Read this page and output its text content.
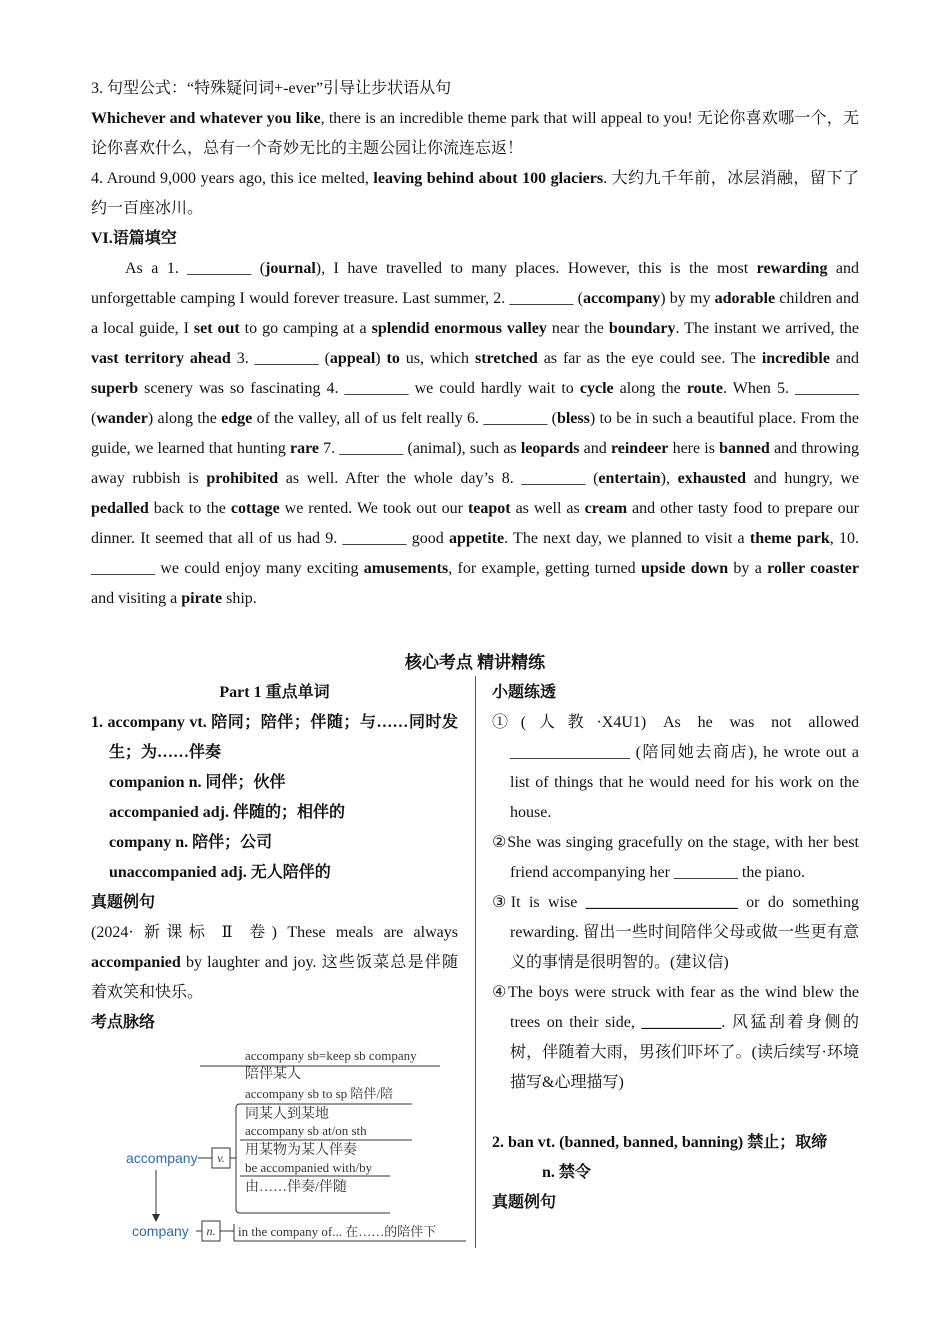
3. 句型公式：“特殊疑问词+-ever”引导让步状语从句

Whichever and whatever you like, there is an incredible theme park that will appeal to you! 无论你喜欢哪一个，无论你喜欢什么，总有一个奇妙无比的主题公园让你流连忘返！

4. Around 9,000 years ago, this ice melted, leaving behind about 100 glaciers. 大约九千年前，冰层消融，留下了约一百座冰川。

VI.语篇填空

As a 1. ________ (journal), I have travelled to many places. However, this is the most rewarding and unforgettable camping I would forever treasure. Last summer, 2. ________ (accompany) by my adorable children and a local guide, I set out to go camping at a splendid enormous valley near the boundary. The instant we arrived, the vast territory ahead 3. ________ (appeal) to us, which stretched as far as the eye could see. The incredible and superb scenery was so fascinating 4. ________ we could hardly wait to cycle along the route. When 5. ________ (wander) along the edge of the valley, all of us felt really 6. ________ (bless) to be in such a beautiful place. From the guide, we learned that hunting rare 7. ________ (animal), such as leopards and reindeer here is banned and throwing away rubbish is prohibited as well. After the whole day’s 8. ________ (entertain), exhausted and hungry, we pedalled back to the cottage we rented. We took out our teapot as well as cream and other tasty food to prepare our dinner. It seemed that all of us had 9. ________ good appetite. The next day, we planned to visit a theme park, 10. ________ we could enjoy many exciting amusements, for example, getting turned upside down by a roller coaster and visiting a pirate ship.

核心考点 精讲精练

Part 1 重点单词

1. accompany vt. 陪同；陪伴；伴随；与……同时发生；为……伴奏

companion n. 同伴；伙伴

accompanied adj. 伴随的；相伴的

company n. 陪伴；公司

unaccompanied adj. 无人陪伴的

真题例句

(2024· 新课标 Ⅱ 卷) These meals are always accompanied by laughter and joy. 这些饭菜总是伴随着欢笑和快乐。

考点脉络

v.
accompany
company n.
accompany sb=keep sb company
陪伴某人
accompany sb to sp 陪伴/陪
同某人到某地
accompany sb at/on sth
用某物为某人伴奏
be accompanied with/by
由……伴奏/伴随
in the company of... 在……的陪伴下

小题练透

①(人教·X4U1) As he was not allowed _______________ (陪同她去商店), he wrote out a list of things that he would need for his work on the house.

②She was singing gracefully on the stage, with her best friend accompanying her ________ the piano.

③It is wise ___________________ or do something rewarding. 留出一些时间陪伴父母或做一些更有意义的事情是很明智的。(建议信)

④The boys were struck with fear as the wind blew the trees on their side, __________. 风猛刮着身侧的树，伴随着大雨，男孩们吓坏了。(读后续写·环境描写&心理描写)

2. ban vt. (banned, banned, banning) 禁止；取缔

n. 禁令

真题例句
